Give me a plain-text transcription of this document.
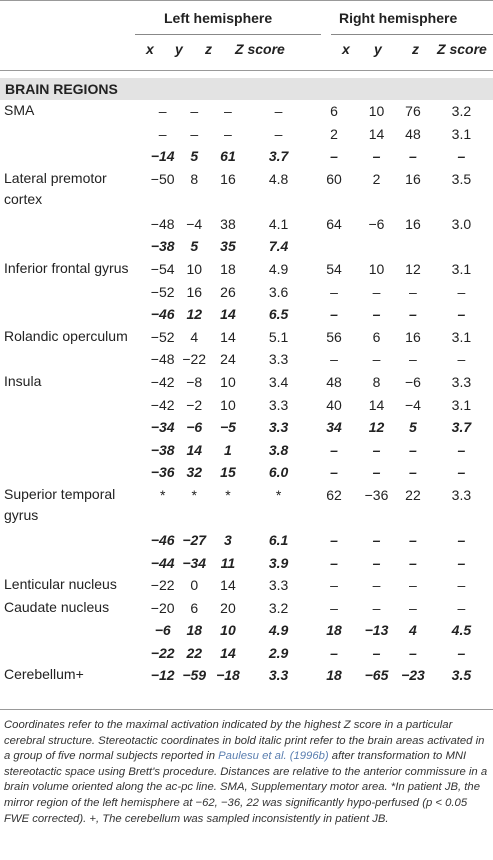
Left hemisphere	Right hemisphere
x y z Z score	x y z Z score
BRAIN REGIONS
SMA	–	–	–	–	6	10	76	3.2
	–	–	–	–	2	14	48	3.1
	−14	5	61	3.7	–	–	–	–
Lateral premotor cortex	−50	8	16	4.8	60	2	16	3.5
	−48	−4	38	4.1	64	−6	16	3.0
	−38	5	35	7.4				
Inferior frontal gyrus	−54	10	18	4.9	54	10	12	3.1
	−52	16	26	3.6	–	–	–	–
	−46	12	14	6.5	–	–	–	–
Rolandic operculum	−52	4	14	5.1	56	6	16	3.1
	−48	−22	24	3.3	–	–	–	–
Insula	−42	−8	10	3.4	48	8	−6	3.3
	−42	−2	10	3.3	40	14	−4	3.1
	−34	−6	−5	3.3	34	12	5	3.7
	−38	14	1	3.8	–	–	–	–
	−36	32	15	6.0	–	–	–	–
Superior temporal gyrus	*	*	*	*	62	−36	22	3.3
	−46	−27	3	6.1	–	–	–	–
	−44	−34	11	3.9	–	–	–	–
Lenticular nucleus	−22	0	14	3.3	–	–	–	–
Caudate nucleus	−20	6	20	3.2	–	–	–	–
	−6	18	10	4.9	18	−13	4	4.5
	−22	22	14	2.9	–	–	–	–
Cerebellum+	−12	−59	−18	3.3	18	−65	−23	3.5
Coordinates refer to the maximal activation indicated by the highest Z score in a particular cerebral structure. Stereotactic coordinates in bold italic print refer to the brain areas activated in a group of five normal subjects reported in Paulesu et al. (1996b) after transformation to MNI stereotactic space using Brett's procedure. Distances are relative to the anterior commissure in a brain volume oriented along the ac-pc line. SMA, Supplementary motor area. *In patient JB, the mirror region of the left hemisphere at −62, −36, 22 was significantly hypo-perfused (p < 0.05 FWE corrected). +, The cerebellum was sampled inconsistently in patient JB.
